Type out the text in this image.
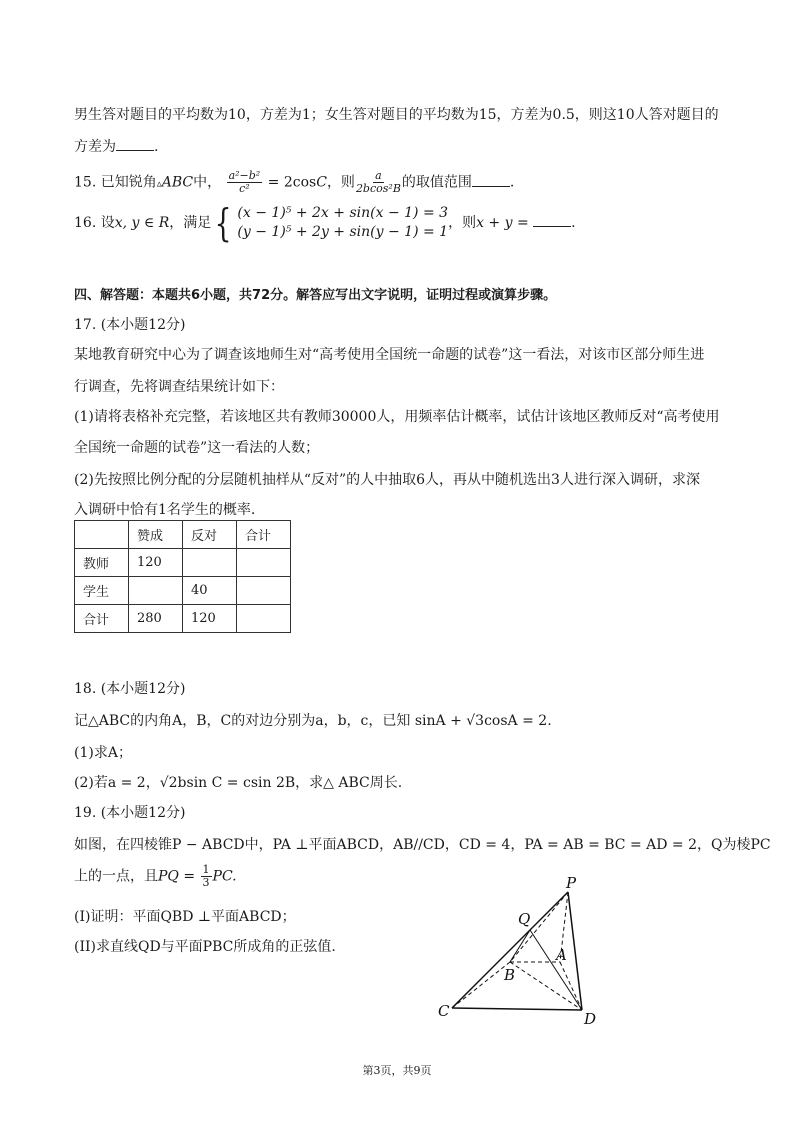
男生答对题目的平均数为10，方差为1；女生答对题目的平均数为15，方差为0.5，则这10人答对题目的
方差为	.
15. 已知锐角▵ABC中， $\frac{\text{a²−b²}}{\text{c²}} = 2\cos C$，则 $\frac{a}{\text{2bcos²B}}$ 的取值范围	.
16. 设x, y ∈ R，满足 { (x − 1)⁵ + 2x + sin(x − 1) = 3
(y − 1)⁵ + 2y + sin(y − 1) = 1
，则x + y =	.
四、解答题：本题共6小题，共72分。解答应写出文字说明，证明过程或演算步骤。
17. (本小题12分)
某地教育研究中心为了调查该地师生对“高考使用全国统一命题的试卷”这一看法，对该市区部分师生进
行调查，先将调查结果统计如下：
(1)请将表格补充完整，若该地区共有教师30000人，用频率估计概率，试估计该地区教师反对“高考使用
全国统一命题的试卷”这一看法的人数；
(2)先按照比例分配的分层随机抽样从“反对”的人中抽取6人，再从中随机选出3人进行深入调研，求深
入调研中恰有1名学生的概率.
	赞成	反对	合计
教师	120		
学生		40	
合计	280	120	
18. (本小题12分)
记△ABC的内角A，B，C的对边分别为a，b，c，已知 sinA + √3cosA = 2.
(1)求A；
(2)若a = 2，√2bsin C = csin 2B，求△ ABC周长.
19. (本小题12分)
如图，在四棱锥P − ABCD中，PA ⊥平面ABCD，AB//CD，CD = 4，PA = AB = BC = AD = 2，Q为棱PC
上的一点，且PQ = $\frac{1}{3}$ PC.
(I)证明：平面QBD ⊥平面ABCD；
(II)求直线QD与平面PBC所成角的正弦值.
P
Q
A
B
C	D
第3页，共9页
